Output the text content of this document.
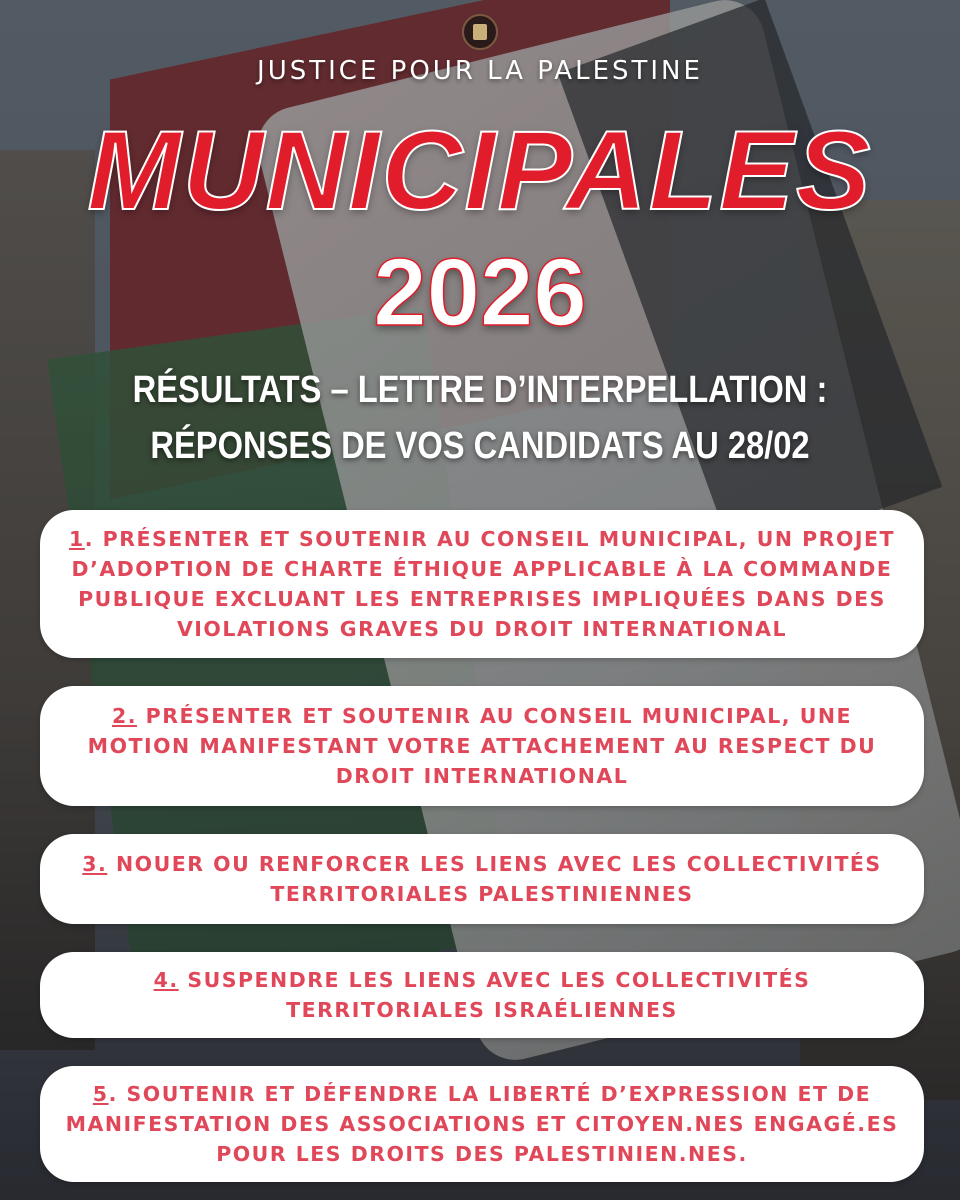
JUSTICE POUR LA PALESTINE
MUNICIPALES
2026
RÉSULTATS – LETTRE D’INTERPELLATION :
RÉPONSES DE VOS CANDIDATS AU 28/02
1. PRÉSENTER ET SOUTENIR AU CONSEIL MUNICIPAL, UN PROJET D’ADOPTION DE CHARTE ÉTHIQUE APPLICABLE À LA COMMANDE PUBLIQUE EXCLUANT LES ENTREPRISES IMPLIQUÉES DANS DES VIOLATIONS GRAVES DU DROIT INTERNATIONAL
2. PRÉSENTER ET SOUTENIR AU CONSEIL MUNICIPAL, UNE MOTION MANIFESTANT VOTRE ATTACHEMENT AU RESPECT DU DROIT INTERNATIONAL
3. NOUER OU RENFORCER LES LIENS AVEC LES COLLECTIVITÉS TERRITORIALES PALESTINIENNES
4. SUSPENDRE LES LIENS AVEC LES COLLECTIVITÉS TERRITORIALES ISRAÉLIENNES
5. SOUTENIR ET DÉFENDRE LA LIBERTÉ D’EXPRESSION ET DE MANIFESTATION DES ASSOCIATIONS ET CITOYEN.NES ENGAGÉ.ES POUR LES DROITS DES PALESTINIEN.NES.
